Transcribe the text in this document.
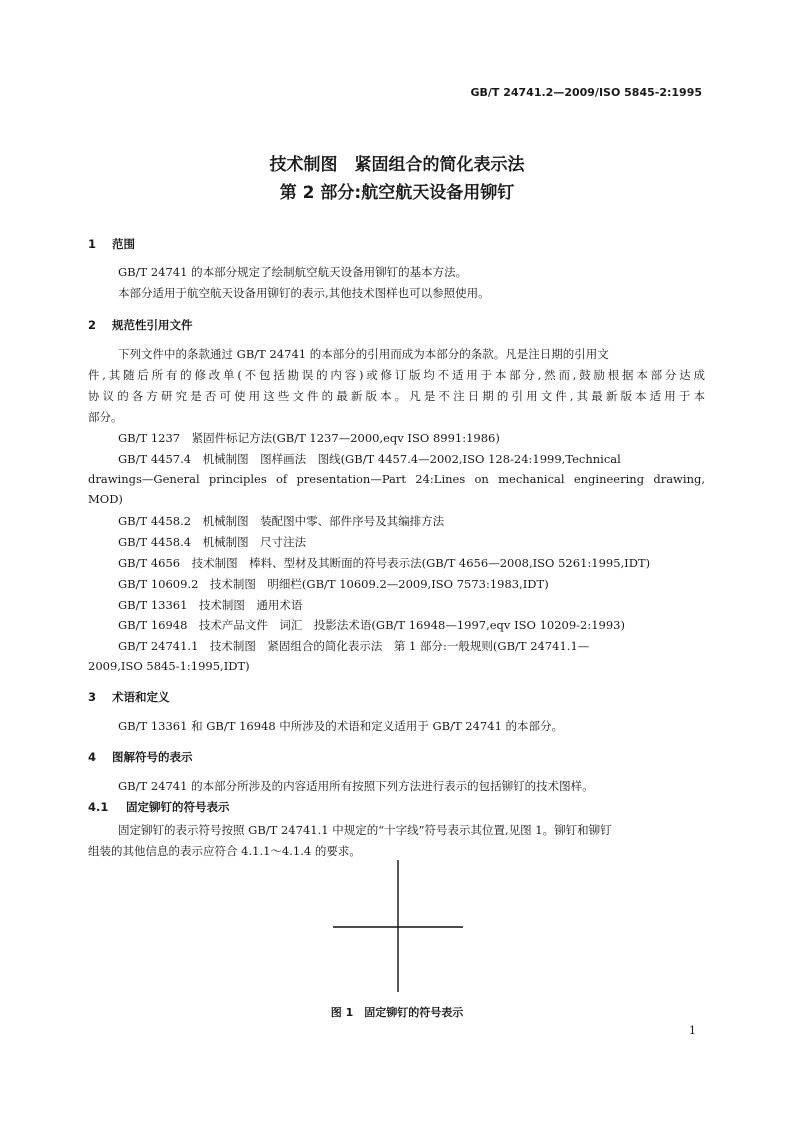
GB/T 24741.2—2009/ISO 5845-2:1995
技术制图　紧固组合的简化表示法
第 2 部分:航空航天设备用铆钉
1 范围
GB/T 24741 的本部分规定了绘制航空航天设备用铆钉的基本方法。
本部分适用于航空航天设备用铆钉的表示,其他技术图样也可以参照使用。
2 规范性引用文件
下列文件中的条款通过 GB/T 24741 的本部分的引用而成为本部分的条款。凡是注日期的引用文
件,其随后所有的修改单(不包括勘误的内容)或修订版均不适用于本部分,然而,鼓励根据本部分达成
协议的各方研究是否可使用这些文件的最新版本。凡是不注日期的引用文件,其最新版本适用于本
部分。
GB/T 1237　紧固件标记方法(GB/T 1237—2000,eqv ISO 8991:1986)
GB/T 4457.4　机械制图　图样画法　图线(GB/T 4457.4—2002,ISO 128-24:1999,Technical
drawings—General principles of presentation—Part 24:Lines on mechanical engineering drawing,
MOD)
GB/T 4458.2　机械制图　装配图中零、部件序号及其编排方法
GB/T 4458.4　机械制图　尺寸注法
GB/T 4656　技术制图　棒料、型材及其断面的符号表示法(GB/T 4656—2008,ISO 5261:1995,IDT)
GB/T 10609.2　技术制图　明细栏(GB/T 10609.2—2009,ISO 7573:1983,IDT)
GB/T 13361　技术制图　通用术语
GB/T 16948　技术产品文件　词汇　投影法术语(GB/T 16948—1997,eqv ISO 10209-2:1993)
GB/T 24741.1　技术制图　紧固组合的简化表示法　第 1 部分:一般规则(GB/T 24741.1—
2009,ISO 5845-1:1995,IDT)
3 术语和定义
GB/T 13361 和 GB/T 16948 中所涉及的术语和定义适用于 GB/T 24741 的本部分。
4 图解符号的表示
GB/T 24741 的本部分所涉及的内容适用所有按照下列方法进行表示的包括铆钉的技术图样。
4.1 固定铆钉的符号表示
固定铆钉的表示符号按照 GB/T 24741.1 中规定的“十字线”符号表示其位置,见图 1。铆钉和铆钉
组装的其他信息的表示应符合 4.1.1～4.1.4 的要求。
图 1　固定铆钉的符号表示
1
